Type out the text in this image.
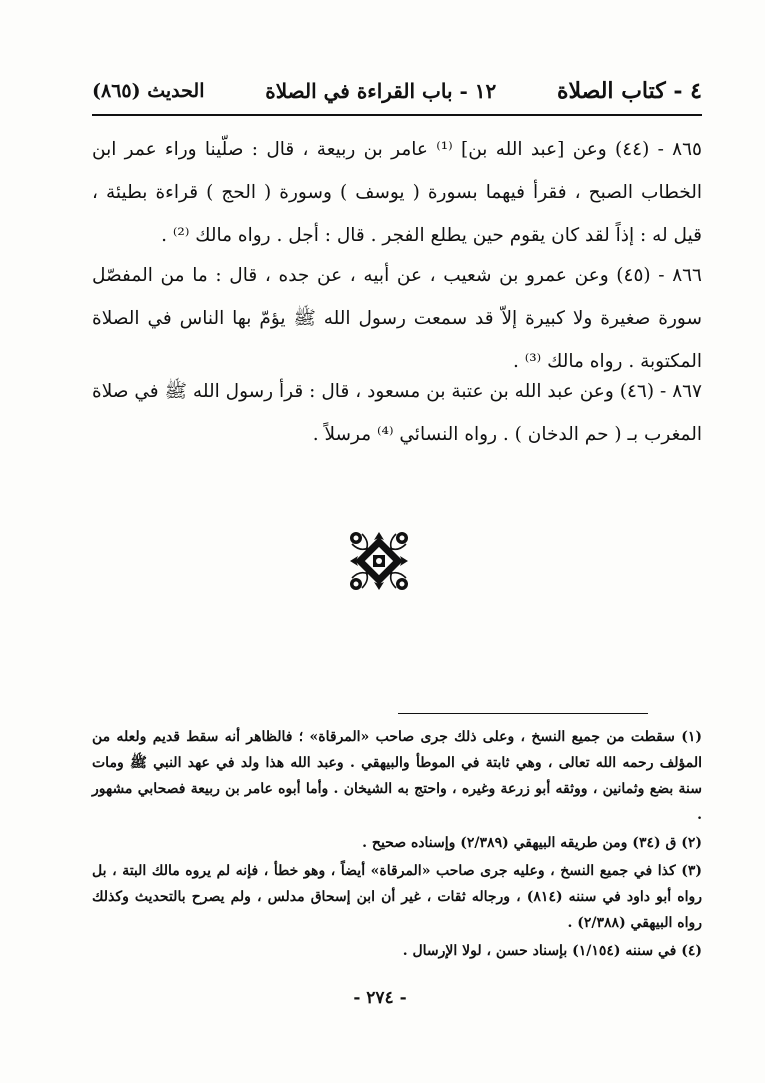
٤ - كتاب الصلاة
١٢ - باب القراءة في الصلاة
الحديث (٨٦٥)
٨٦٥ - (٤٤) وعن [عبد الله بن] ⁽¹⁾ عامر بن ربيعة ، قال : صلّينا وراء عمر ابن الخطاب الصبح ، فقرأ فيهما بسورة ( يوسف ) وسورة ( الحج ) قراءة بطيئة ، قيل له : إذاً لقد كان يقوم حين يطلع الفجر . قال : أجل . رواه مالك ⁽²⁾ .
٨٦٦ - (٤٥) وعن عمرو بن شعيب ، عن أبيه ، عن جده ، قال : ما من المفصّل سورة صغيرة ولا كبيرة إلاّ قد سمعت رسول الله ﷺ يؤمّ بها الناس في الصلاة المكتوبة . رواه مالك ⁽³⁾ .
٨٦٧ - (٤٦) وعن عبد الله بن عتبة بن مسعود ، قال : قرأ رسول الله ﷺ في صلاة المغرب بـ ( حم الدخان ) . رواه النسائي ⁽⁴⁾ مرسلاً .

(١) سقطت من جميع النسخ ، وعلى ذلك جرى صاحب «المرقاة» ؛ فالظاهر أنه سقط قديم ولعله من المؤلف رحمه الله تعالى ، وهي ثابتة في الموطأ والبيهقي . وعبد الله هذا ولد في عهد النبي ﷺ ومات سنة بضع وثمانين ، ووثقه أبو زرعة وغيره ، واحتج به الشيخان . وأما أبوه عامر بن ربيعة فصحابي مشهور .

(٢) ق (٣٤) ومن طريقه البيهقي (٢/٣٨٩) وإسناده صحيح .

(٣) كذا في جميع النسخ ، وعليه جرى صاحب «المرقاة» أيضاً ، وهو خطأ ، فإنه لم يروه مالك البتة ، بل رواه أبو داود في سننه (٨١٤) ، ورجاله ثقات ، غير أن ابن إسحاق مدلس ، ولم يصرح بالتحديث وكذلك رواه البيهقي (٢/٣٨٨) .

(٤) في سننه (١/١٥٤) بإسناد حسن ، لولا الإرسال .

- ٢٧٤ -
